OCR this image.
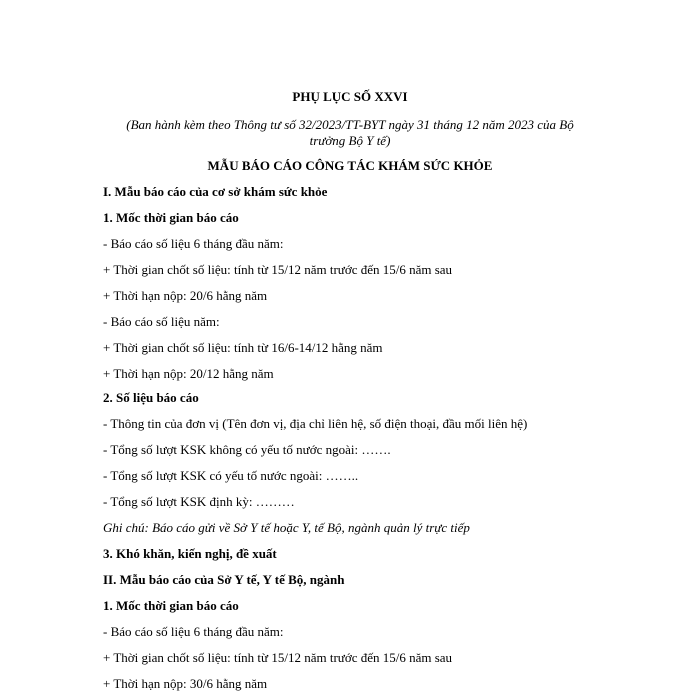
PHỤ LỤC SỐ XXVI
(Ban hành kèm theo Thông tư số 32/2023/TT-BYT ngày 31 tháng 12 năm 2023 của Bộ
trưởng Bộ Y tế)
MẪU BÁO CÁO CÔNG TÁC KHÁM SỨC KHỎE
I. Mẫu báo cáo của cơ sở khám sức khỏe
1. Mốc thời gian báo cáo
- Báo cáo số liệu 6 tháng đầu năm:
+ Thời gian chốt số liệu: tính từ 15/12 năm trước đến 15/6 năm sau
+ Thời hạn nộp: 20/6 hằng năm
- Báo cáo số liệu năm:
+ Thời gian chốt số liệu: tính từ 16/6-14/12 hằng năm
+ Thời hạn nộp: 20/12 hằng năm
2. Số liệu báo cáo
- Thông tin của đơn vị (Tên đơn vị, địa chỉ liên hệ, số điện thoại, đầu mối liên hệ)
- Tổng số lượt KSK không có yếu tố nước ngoài: …….
- Tổng số lượt KSK có yếu tố nước ngoài: ……..
- Tổng số lượt KSK định kỳ: ………
Ghi chú: Báo cáo gửi về Sở Y tế hoặc Y, tế Bộ, ngành quản lý trực tiếp
3. Khó khăn, kiến nghị, đề xuất
II. Mẫu báo cáo của Sở Y tế, Y tế Bộ, ngành
1. Mốc thời gian báo cáo
- Báo cáo số liệu 6 tháng đầu năm:
+ Thời gian chốt số liệu: tính từ 15/12 năm trước đến 15/6 năm sau
+ Thời hạn nộp: 30/6 hằng năm
